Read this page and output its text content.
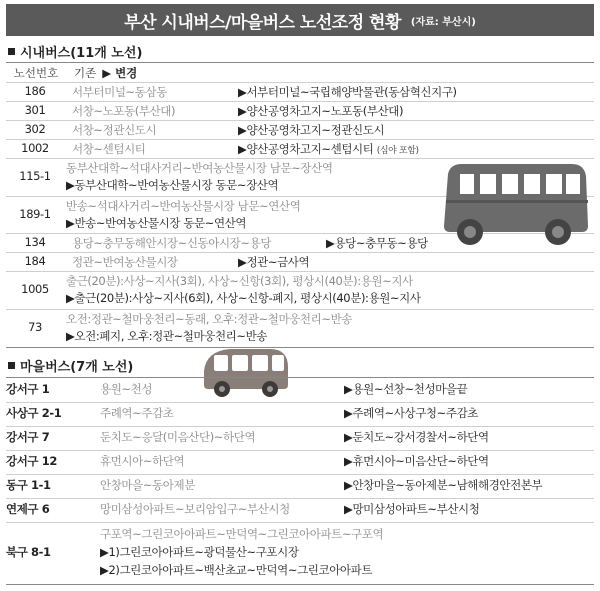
부산 시내버스/마을버스 노선조정 현황 (자료: 부산시)
시내버스(11개 노선)
노선번호	기존 ▶ 변경
186	서부터미널~동삼동	▶서부터미널~국립해양박물관(동삼혁신지구)
301	서창~노포동(부산대)	▶양산공영차고지~노포동(부산대)
302	서창~정관신도시	▶양산공영차고지~정관신도시
1002	서창~센텀시티	▶양산공영차고지~센텀시티 (심야 포함)
115-1
동부산대학~석대사거리~반여농산물시장 남문~장산역
▶동부산대학~반여농산물시장 동문~장산역
189-1
반송~석대사거리~반여농산물시장 남문~연산역
▶반송~반여농산물시장 동문~연산역
134	용당~충무동해안시장~신동아시장~용당	▶용당~충무동~용당
184	정관~반여농산물시장	▶정관~금사역
1005
출근(20분):사상~지사(3회), 사상~신항(3회), 평상시(40분):용원~지사
▶출근(20분):사상~지사(6회), 사상~신항-폐지, 평상시(40분):용원~지사
73
오전:정관~철마웅천리~동래, 오후:정관~철마웅천리~반송
▶오전:폐지, 오후:정관~철마웅천리~반송
마을버스(7개 노선)
강서구 1	용원~천성	▶용원~선창~천성마을끝
사상구 2-1	주례역~주감초	▶주례역~사상구청~주감초
강서구 7	둔치도~응달(미음산단)~하단역	▶둔치도~강서경찰서~하단역
강서구 12	휴먼시아~하단역	▶휴먼시아~미음산단~하단역
동구 1-1	안창마을~동아제분	▶안창마을~동아제분~남해해경안전본부
연제구 6	망미삼성아파트~보리암입구~부산시청	▶망미삼성아파트~부산시청
북구 8-1
구포역~그린코아아파트~만덕역~그린코아아파트~구포역
▶1)그린코아아파트~광덕물산~구포시장
▶2)그린코아아파트~백산초교~만덕역~그린코아아파트
